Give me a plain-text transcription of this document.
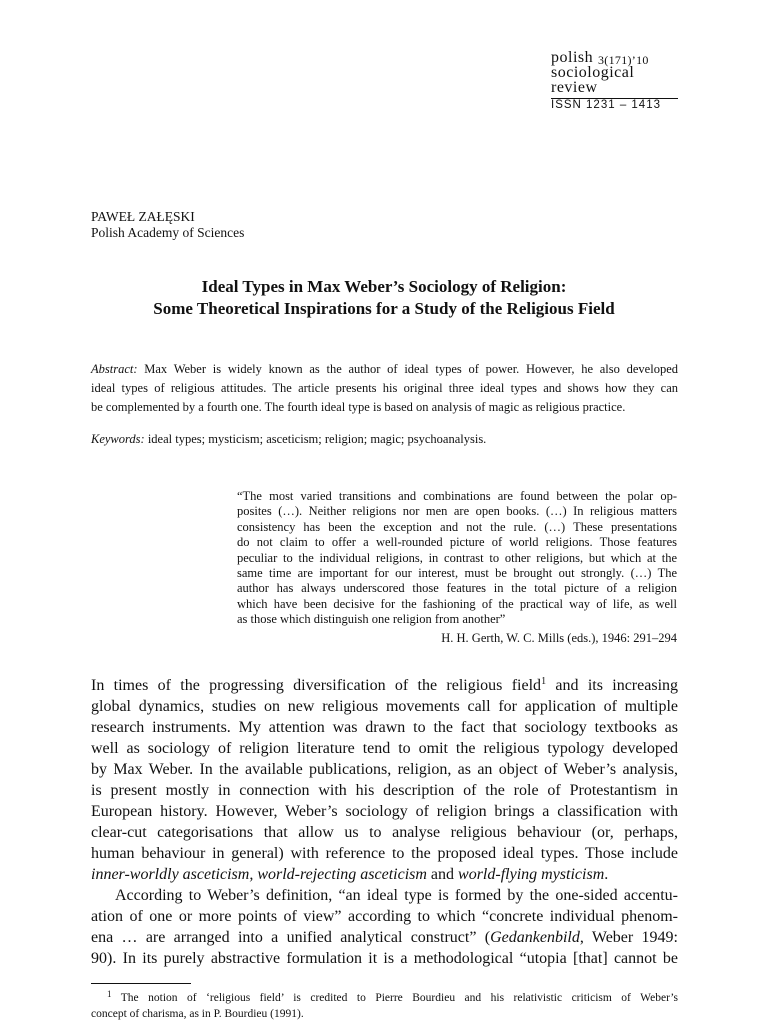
polish
sociological
review
3(171)’10
ISSN 1231 – 1413
PAWEŁ ZAŁĘSKI
Polish Academy of Sciences
Ideal Types in Max Weber’s Sociology of Religion:
Some Theoretical Inspirations for a Study of the Religious Field
Abstract: Max Weber is widely known as the author of ideal types of power. However, he also developed
ideal types of religious attitudes. The article presents his original three ideal types and shows how they can
be complemented by a fourth one. The fourth ideal type is based on analysis of magic as religious practice.
Keywords: ideal types; mysticism; asceticism; religion; magic; psychoanalysis.
“The most varied transitions and combinations are found between the polar op-
posites (…). Neither religions nor men are open books. (…) In religious matters
consistency has been the exception and not the rule. (…) These presentations
do not claim to offer a well-rounded picture of world religions. Those features
peculiar to the individual religions, in contrast to other religions, but which at the
same time are important for our interest, must be brought out strongly. (…) The
author has always underscored those features in the total picture of a religion
which have been decisive for the fashioning of the practical way of life, as well
as those which distinguish one religion from another”
H. H. Gerth, W. C. Mills (eds.), 1946: 291–294
In times of the progressing diversification of the religious field$^1$ and its increasing
global dynamics, studies on new religious movements call for application of multiple
research instruments. My attention was drawn to the fact that sociology textbooks as
well as sociology of religion literature tend to omit the religious typology developed
by Max Weber. In the available publications, religion, as an object of Weber’s analysis,
is present mostly in connection with his description of the role of Protestantism in
European history. However, Weber’s sociology of religion brings a classification with
clear-cut categorisations that allow us to analyse religious behaviour (or, perhaps,
human behaviour in general) with reference to the proposed ideal types. Those include
inner-worldly asceticism, world-rejecting asceticism and world-flying mysticism.
According to Weber’s definition, “an ideal type is formed by the one-sided accentu-
ation of one or more points of view” according to which “concrete individual phenom-
ena … are arranged into a unified analytical construct” (Gedankenbild, Weber 1949:
90). In its purely abstractive formulation it is a methodological “utopia [that] cannot be
$^1$ The notion of ‘religious field’ is credited to Pierre Bourdieu and his relativistic criticism of Weber’s
concept of charisma, as in P. Bourdieu (1991).
